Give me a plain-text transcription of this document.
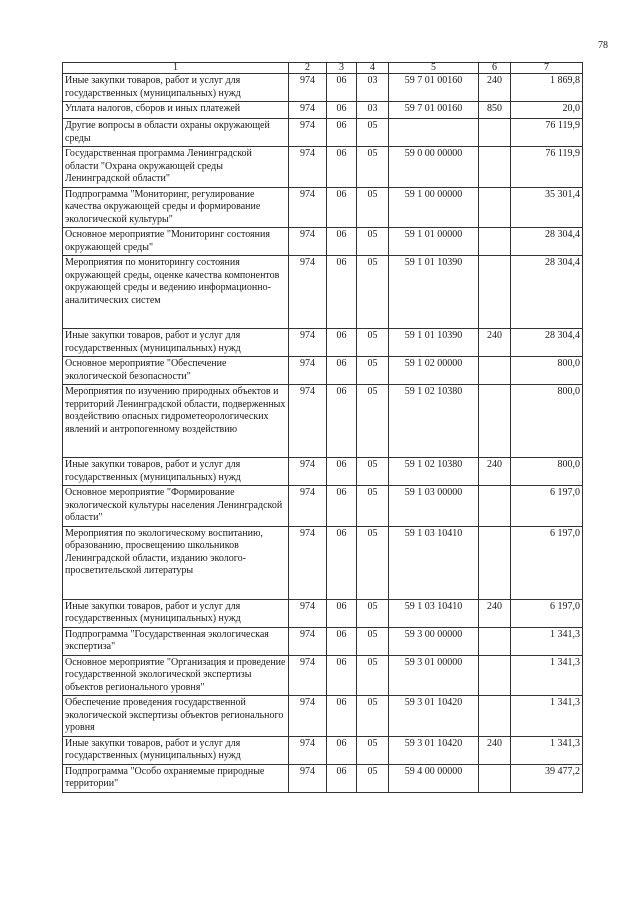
78
1	2	3	4	5	6	7
Иные закупки товаров, работ и услуг для государственных (муниципальных) нужд	974	06	03	59 7 01 00160	240	1 869,8
Уплата налогов, сборов и иных платежей	974	06	03	59 7 01 00160	850	20,0
Другие вопросы в области охраны окружающей среды	974	06	05			76 119,9
Государственная программа Ленинградской области "Охрана окружающей среды Ленинградской области"	974	06	05	59 0 00 00000		76 119,9
Подпрограмма "Мониторинг, регулирование качества окружающей среды и формирование экологической культуры"	974	06	05	59 1 00 00000		35 301,4
Основное мероприятие "Мониторинг состояния окружающей среды"	974	06	05	59 1 01 00000		28 304,4
Мероприятия по мониторингу состояния окружающей среды, оценке качества компонентов окружающей среды и ведению информационно-аналитических систем	974	06	05	59 1 01 10390		28 304,4
Иные закупки товаров, работ и услуг для государственных (муниципальных) нужд	974	06	05	59 1 01 10390	240	28 304,4
Основное мероприятие "Обеспечение экологической безопасности"	974	06	05	59 1 02 00000		800,0
Мероприятия по изучению природных объектов и территорий Ленинградской области, подверженных воздействию опасных гидрометеорологических явлений и антропогенному воздействию	974	06	05	59 1 02 10380		800,0
Иные закупки товаров, работ и услуг для государственных (муниципальных) нужд	974	06	05	59 1 02 10380	240	800,0
Основное мероприятие "Формирование экологической культуры населения Ленинградской области"	974	06	05	59 1 03 00000		6 197,0
Мероприятия по экологическому воспитанию, образованию, просвещению школьников Ленинградской области, изданию эколого-просветительской литературы	974	06	05	59 1 03 10410		6 197,0
Иные закупки товаров, работ и услуг для государственных (муниципальных) нужд	974	06	05	59 1 03 10410	240	6 197,0
Подпрограмма "Государственная экологическая экспертиза"	974	06	05	59 3 00 00000		1 341,3
Основное мероприятие "Организация и проведение государственной экологической экспертизы объектов регионального уровня"	974	06	05	59 3 01 00000		1 341,3
Обеспечение проведения государственной экологической экспертизы объектов регионального уровня	974	06	05	59 3 01 10420		1 341,3
Иные закупки товаров, работ и услуг для государственных (муниципальных) нужд	974	06	05	59 3 01 10420	240	1 341,3
Подпрограмма "Особо охраняемые природные территории"	974	06	05	59 4 00 00000		39 477,2
